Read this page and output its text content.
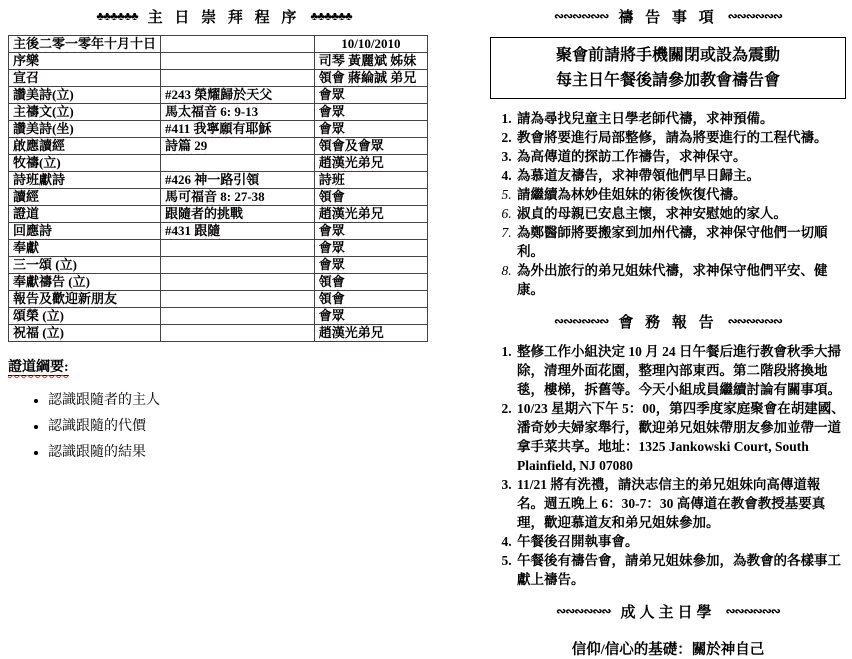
♣♣♣♣♣♣ 主 日 崇 拜 程 序 ♣♣♣♣♣♣
主後二零一零年十月十日		10/10/2010
序樂		司琴 黃麗斌 姊妹
宣召		領會 蔣綸誠 弟兄
讚美詩(立)	#243 榮耀歸於天父	會眾
主禱文(立)	馬太福音 6: 9-13	會眾
讚美詩(坐)	#411 我寧願有耶穌	會眾
啟應讀經	詩篇 29	領會及會眾
牧禱(立)		趙漢光弟兄
詩班獻詩	#426 神一路引領	詩班
讀經	馬可福音 8: 27-38	領會
證道	跟隨者的挑戰	趙漢光弟兄
回應詩	#431 跟隨	會眾
奉獻		會眾
三一頌 (立)		會眾
奉獻禱告 (立)		領會
報告及歡迎新朋友		領會
頌榮 (立)		會眾
祝福 (立)		趙漢光弟兄
證道綱要:
• 認識跟隨者的主人
• 認識跟隨的代價
• 認識跟隨的結果
∾∾∾∾∾∾ 禱 告 事 項 ∾∾∾∾∾∾
聚會前請將手機關閉或設為震動
每主日午餐後請參加教會禱告會
1. 請為尋找兒童主日學老師代禱，求神預備。
2. 教會將要進行局部整修，請為將要進行的工程代禱。
3. 為高傳道的探訪工作禱告，求神保守。
4. 為慕道友禱告，求神帶領他們早日歸主。
5. 請繼續為林妙佳姐妹的術後恢復代禱。
6. 淑貞的母親已安息主懷，求神安慰她的家人。
7. 為鄭醫師將要搬家到加州代禱，求神保守他們一切順利。
8. 為外出旅行的弟兄姐妹代禱，求神保守他們平安、健康。
∾∾∾∾∾∾ 會 務 報 告 ∾∾∾∾∾∾
1. 整修工作小組決定 10 月 24 日午餐后進行教會秋季大掃除，清理外面花園，整理內部東西。第二階段將換地毯，樓梯，拆舊等。今天小組成員繼續討論有關事項。
2. 10/23 星期六下午 5：00，第四季度家庭聚會在胡建國、潘奇妙夫婦家舉行，歡迎弟兄姐妹帶朋友參加並帶一道拿手菜共享。地址：1325 Jankowski Court, South Plainfield, NJ 07080
3. 11/21 將有洗禮，請決志信主的弟兄姐妹向高傳道報名。週五晚上 6：30-7：30 高傳道在教會教授基要真理，歡迎慕道友和弟兄姐妹參加。
4. 午餐後召開執事會。
5. 午餐後有禱告會，請弟兄姐妹參加，為教會的各樣事工獻上禱告。
∾∾∾∾∾∾ 成人主日學 ∾∾∾∾∾∾
信仰/信心的基礎：關於神自己
